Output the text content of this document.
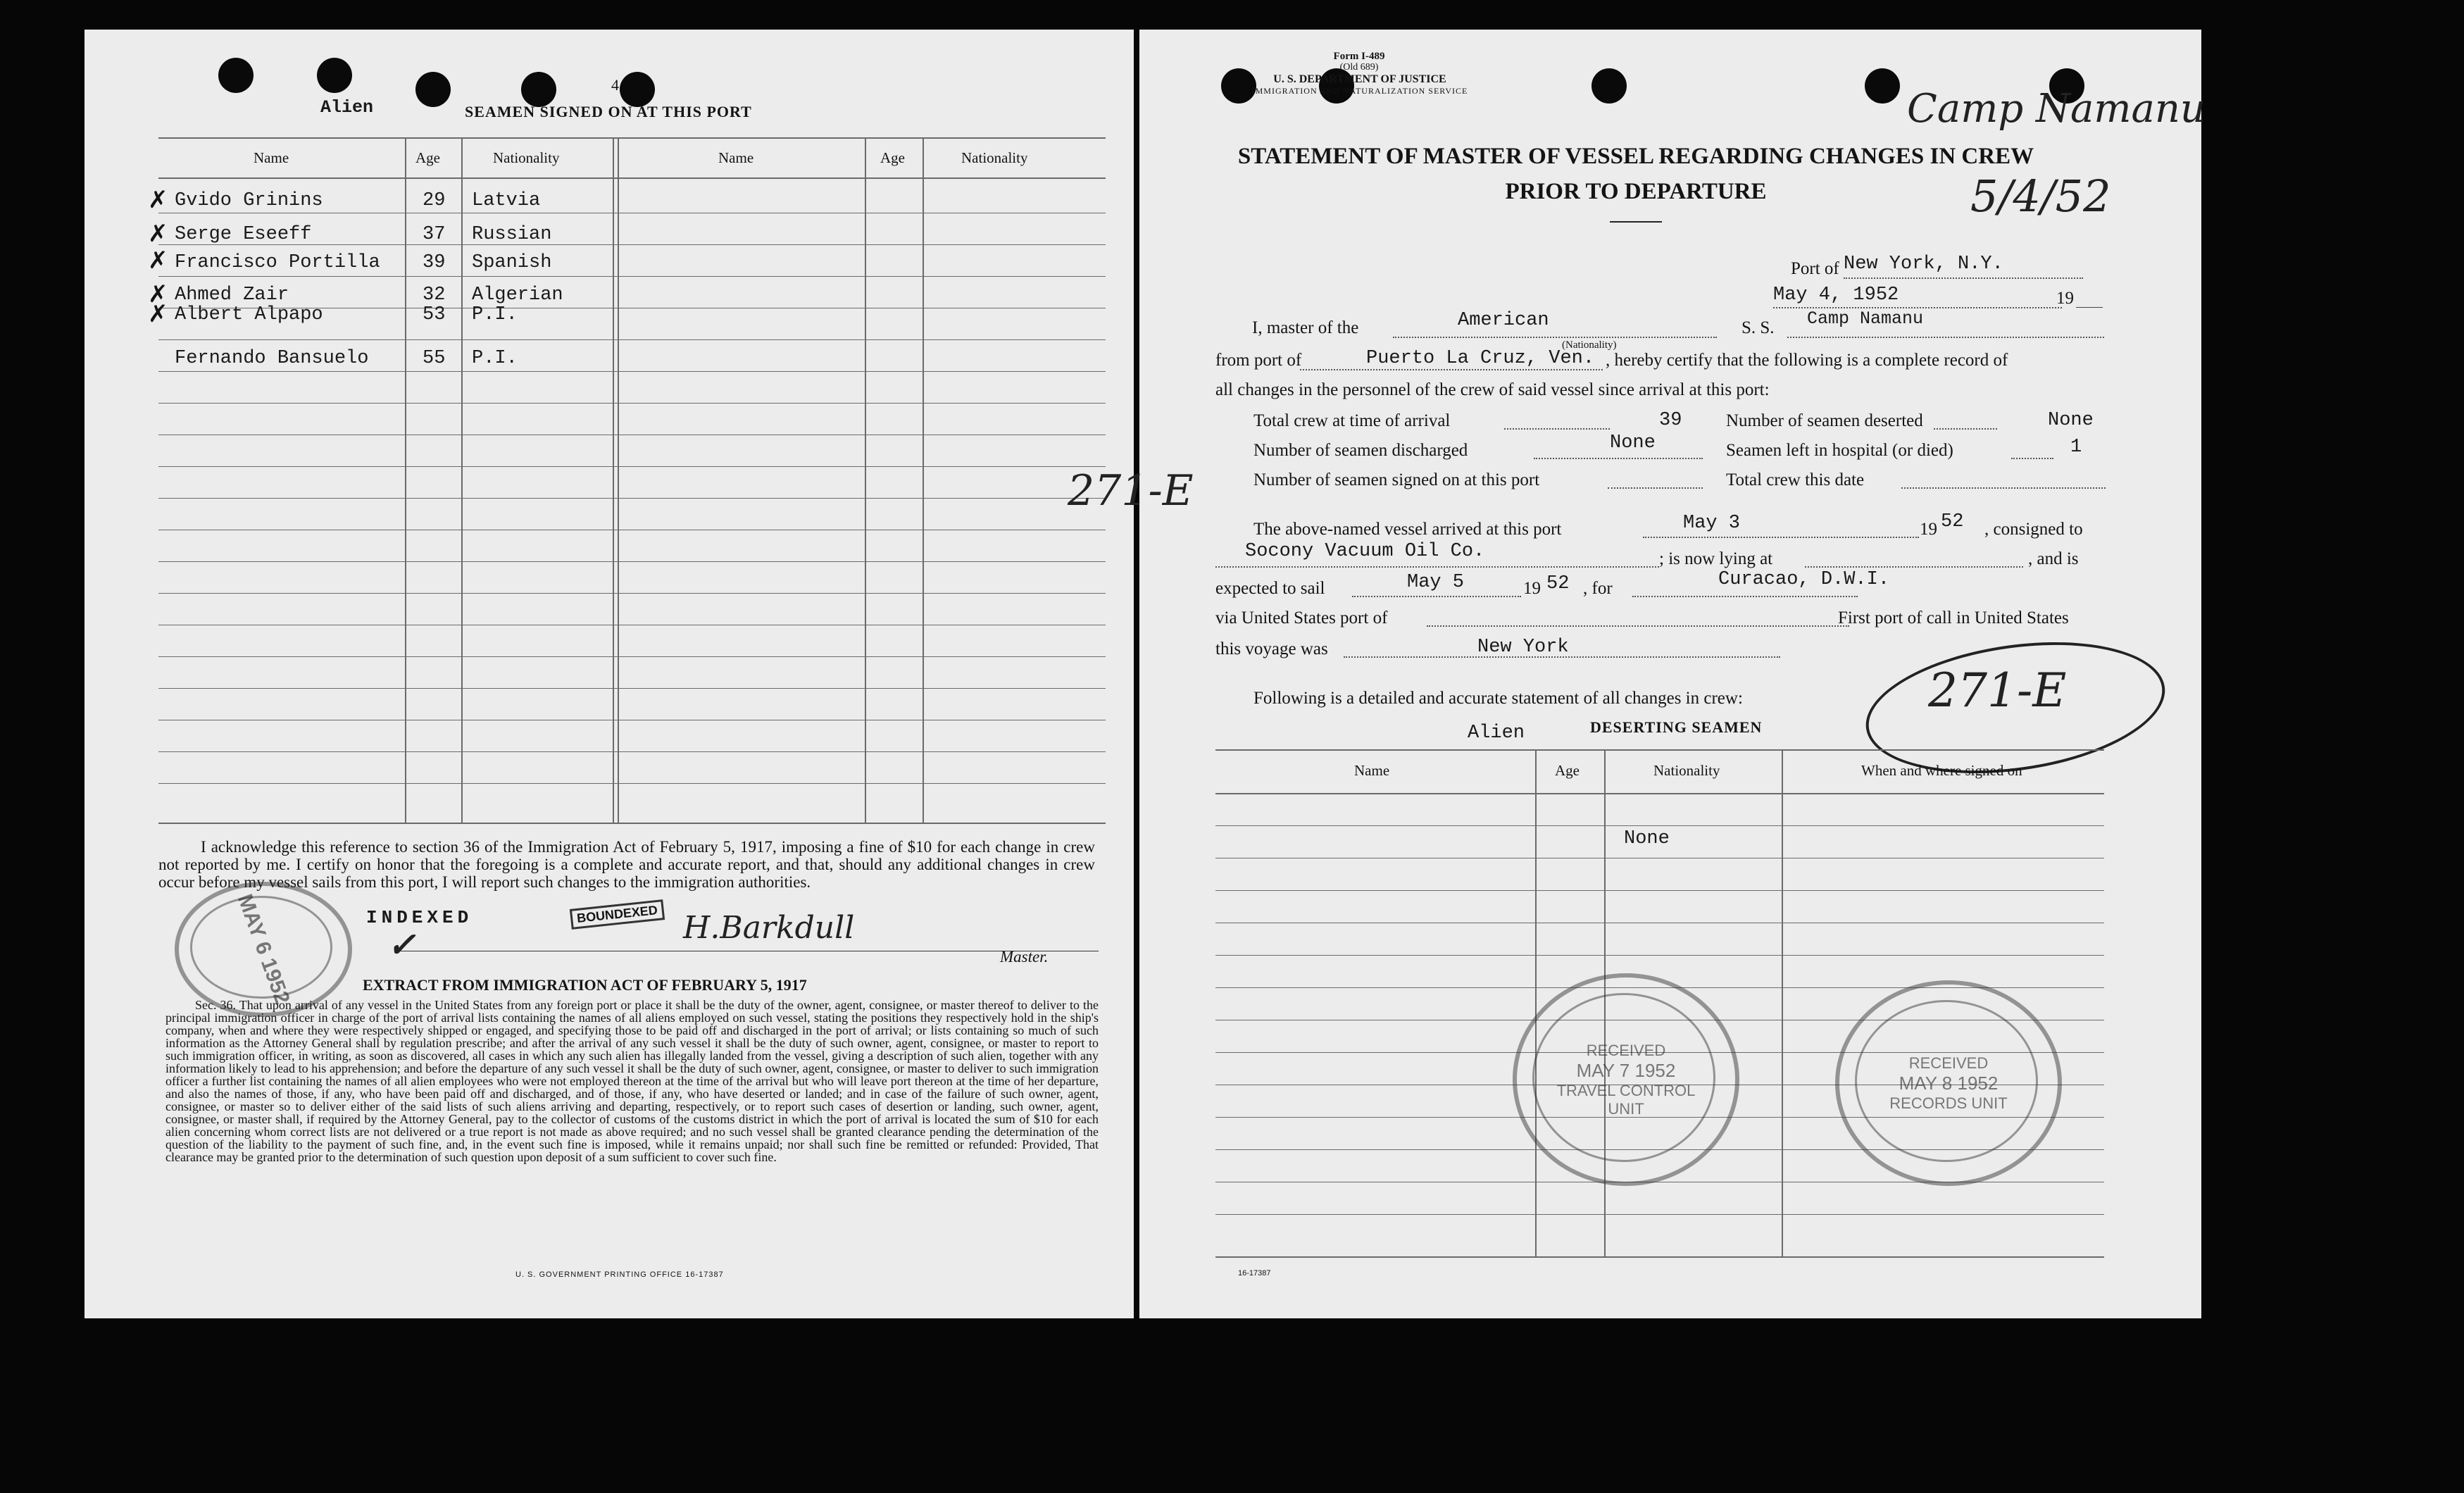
4
Alien	SEAMEN SIGNED ON AT THIS PORT
Name	Age	Nationality	Name	Age	Nationality
✗ Gvido Grinins	29 Latvia
✗ Serge Eseeff	37 Russian
✗ Francisco Portilla 39 Spanish
✗ Ahmed Zair	32 Algerian
✗ Albert Alpapo	53 P.I.
Fernando Bansuelo	55 P.I.
I acknowledge this reference to section 36 of the Immigration Act of February 5, 1917, imposing a fine of $10 for each change in crew not reported by me. I certify on honor that the foregoing is a complete and accurate report, and that, should any additional changes in crew occur before my vessel sails from this port, I will report such changes to the immigration authorities.
MAY 6 1952	INDEXED	BOUNDEXED H.Barkdull
Master.
✓
EXTRACT FROM IMMIGRATION ACT OF FEBRUARY 5, 1917
Sec. 36. That upon arrival of any vessel in the United States from any foreign port or place it shall be the duty of the owner, agent, consignee, or master thereof to deliver to the principal immigration officer in charge of the port of arrival lists containing the names of all aliens employed on such vessel, stating the positions they respectively hold in the ship's company, when and where they were respectively shipped or engaged, and specifying those to be paid off and discharged in the port of arrival; or lists containing so much of such information as the Attorney General shall by regulation prescribe; and after the arrival of any such vessel it shall be the duty of such owner, agent, consignee, or master to report to such immigration officer, in writing, as soon as discovered, all cases in which any such alien has illegally landed from the vessel, giving a description of such alien, together with any information likely to lead to his apprehension; and before the departure of any such vessel it shall be the duty of such owner, agent, consignee, or master to deliver to such immigration officer a further list containing the names of all alien employees who were not employed thereon at the time of the arrival but who will leave port thereon at the time of her departure, and also the names of those, if any, who have been paid off and discharged, and of those, if any, who have deserted or landed; and in case of the failure of such owner, agent, consignee, or master so to deliver either of the said lists of such aliens arriving and departing, respectively, or to report such cases of desertion or landing, such owner, agent, consignee, or master shall, if required by the Attorney General, pay to the collector of customs of the customs district in which the port of arrival is located the sum of $10 for each alien concerning whom correct lists are not delivered or a true report is not made as above required; and no such vessel shall be granted clearance pending the determination of the question of the liability to the payment of such fine, and, in the event such fine is imposed, while it remains unpaid; nor shall such fine be remitted or refunded: Provided, That clearance may be granted prior to the determination of such question upon deposit of a sum sufficient to cover such fine.
U. S. GOVERNMENT PRINTING OFFICE 16-17387
Form I-489
(Old 689)
U. S. DEPARTMENT OF JUSTICE
IMMIGRATION AND NATURALIZATION SERVICE
STATEMENT OF MASTER OF VESSEL REGARDING CHANGES IN CREW
PRIOR TO DEPARTURE
Camp Namanu
5/4/52
New York, N.Y.
Port of
May 4, 1952	19
I, master of the	American	S. S. Camp Namanu
(Nationality)
from port of	Puerto La Cruz, Ven. , hereby certify that the following is a complete record of
all changes in the personnel of the crew of said vessel since arrival at this port:
Total crew at time of arrival	39	Number of seamen deserted	None
Number of seamen discharged	None	Seamen left in hospital (or died)	1
Number of seamen signed on at this port	Total crew this date
The above-named vessel arrived at this port	May 3	19 52 , consigned to
Socony Vacuum Oil Co.	; is now lying at	, and is
expected to sail	May 5	19 52 , for	Curacao, D.W.I.
via United States port of	First port of call in United States
this voyage was	New York
Following is a detailed and accurate statement of all changes in crew:
Alien	DESERTING SEAMEN
271-E
271-E
Name	Age	Nationality	When and where signed on
None
RECEIVED
MAY 7 1952
TRAVEL CONTROL
UNIT
RECEIVED
MAY 8 1952
RECORDS UNIT
16-17387
